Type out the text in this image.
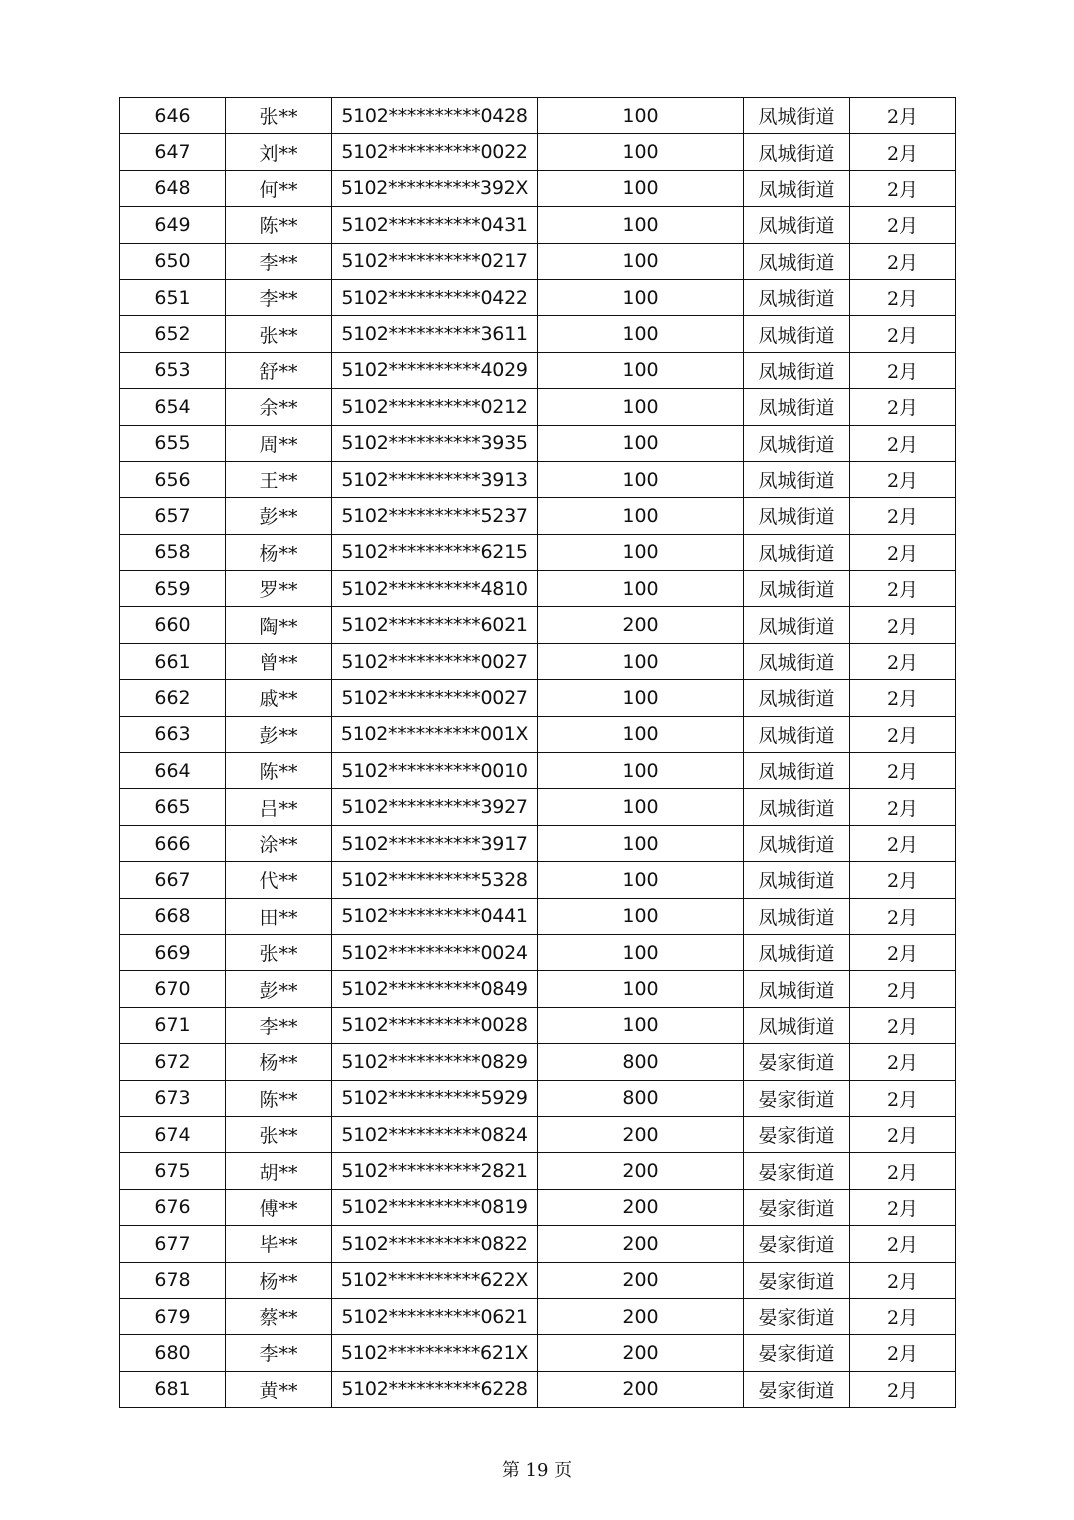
646	张**	5102**********0428	100	凤城街道	2月
647	刘**	5102**********0022	100	凤城街道	2月
648	何**	5102**********392X	100	凤城街道	2月
649	陈**	5102**********0431	100	凤城街道	2月
650	李**	5102**********0217	100	凤城街道	2月
651	李**	5102**********0422	100	凤城街道	2月
652	张**	5102**********3611	100	凤城街道	2月
653	舒**	5102**********4029	100	凤城街道	2月
654	余**	5102**********0212	100	凤城街道	2月
655	周**	5102**********3935	100	凤城街道	2月
656	王**	5102**********3913	100	凤城街道	2月
657	彭**	5102**********5237	100	凤城街道	2月
658	杨**	5102**********6215	100	凤城街道	2月
659	罗**	5102**********4810	100	凤城街道	2月
660	陶**	5102**********6021	200	凤城街道	2月
661	曾**	5102**********0027	100	凤城街道	2月
662	戚**	5102**********0027	100	凤城街道	2月
663	彭**	5102**********001X	100	凤城街道	2月
664	陈**	5102**********0010	100	凤城街道	2月
665	吕**	5102**********3927	100	凤城街道	2月
666	涂**	5102**********3917	100	凤城街道	2月
667	代**	5102**********5328	100	凤城街道	2月
668	田**	5102**********0441	100	凤城街道	2月
669	张**	5102**********0024	100	凤城街道	2月
670	彭**	5102**********0849	100	凤城街道	2月
671	李**	5102**********0028	100	凤城街道	2月
672	杨**	5102**********0829	800	晏家街道	2月
673	陈**	5102**********5929	800	晏家街道	2月
674	张**	5102**********0824	200	晏家街道	2月
675	胡**	5102**********2821	200	晏家街道	2月
676	傅**	5102**********0819	200	晏家街道	2月
677	毕**	5102**********0822	200	晏家街道	2月
678	杨**	5102**********622X	200	晏家街道	2月
679	蔡**	5102**********0621	200	晏家街道	2月
680	李**	5102**********621X	200	晏家街道	2月
681	黄**	5102**********6228	200	晏家街道	2月
第 19 页
